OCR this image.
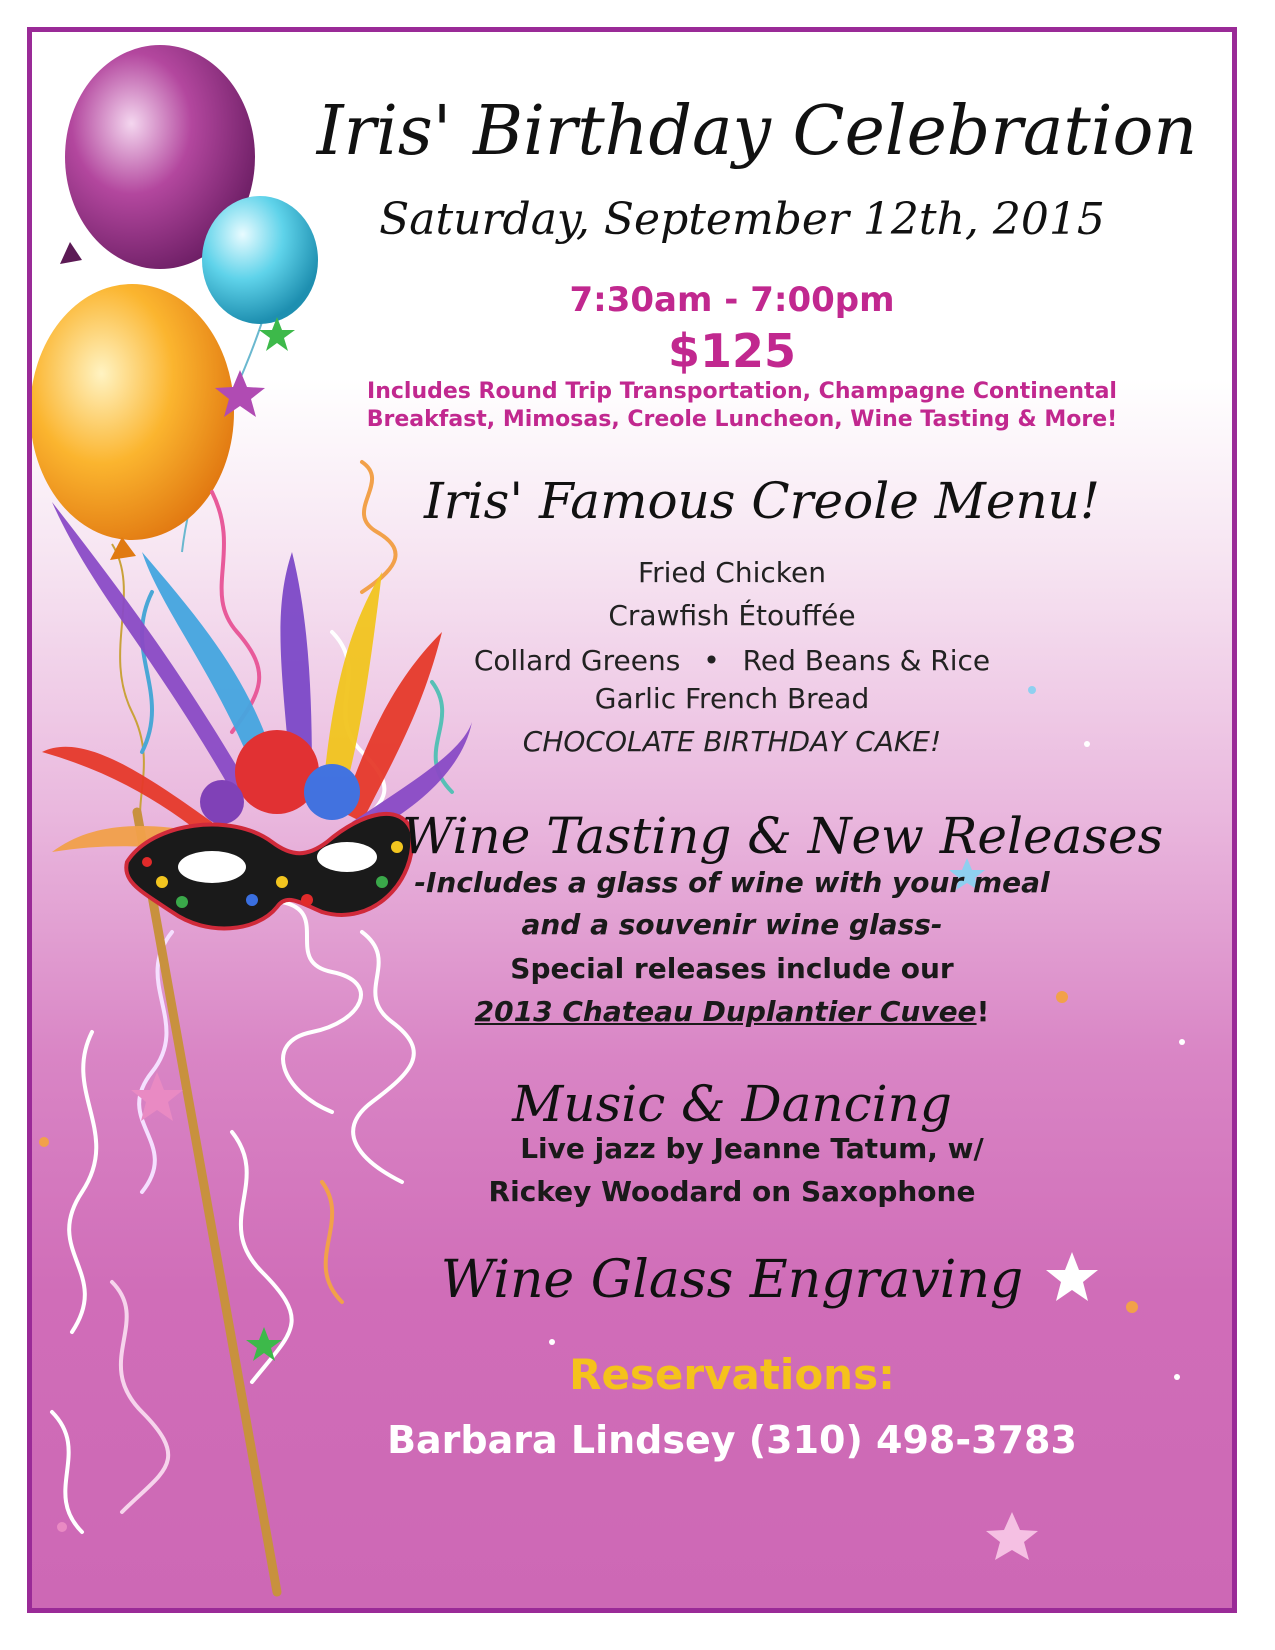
Iris' Birthday Celebration
Saturday, September 12th, 2015
7:30am - 7:00pm
$125
Includes Round Trip Transportation, Champagne Continental
Breakfast, Mimosas, Creole Luncheon, Wine Tasting & More!
Iris' Famous Creole Menu!
Fried Chicken
Crawfish Étouffée
Collard Greens • Red Beans & Rice
Garlic French Bread
CHOCOLATE BIRTHDAY CAKE!
Wine Tasting & New Releases
-Includes a glass of wine with your meal
and a souvenir wine glass-
Special releases include our
2013 Chateau Duplantier Cuvee!
Music & Dancing
Live jazz by Jeanne Tatum, w/
Rickey Woodard on Saxophone
Wine Glass Engraving
Reservations:
Barbara Lindsey (310) 498-3783
